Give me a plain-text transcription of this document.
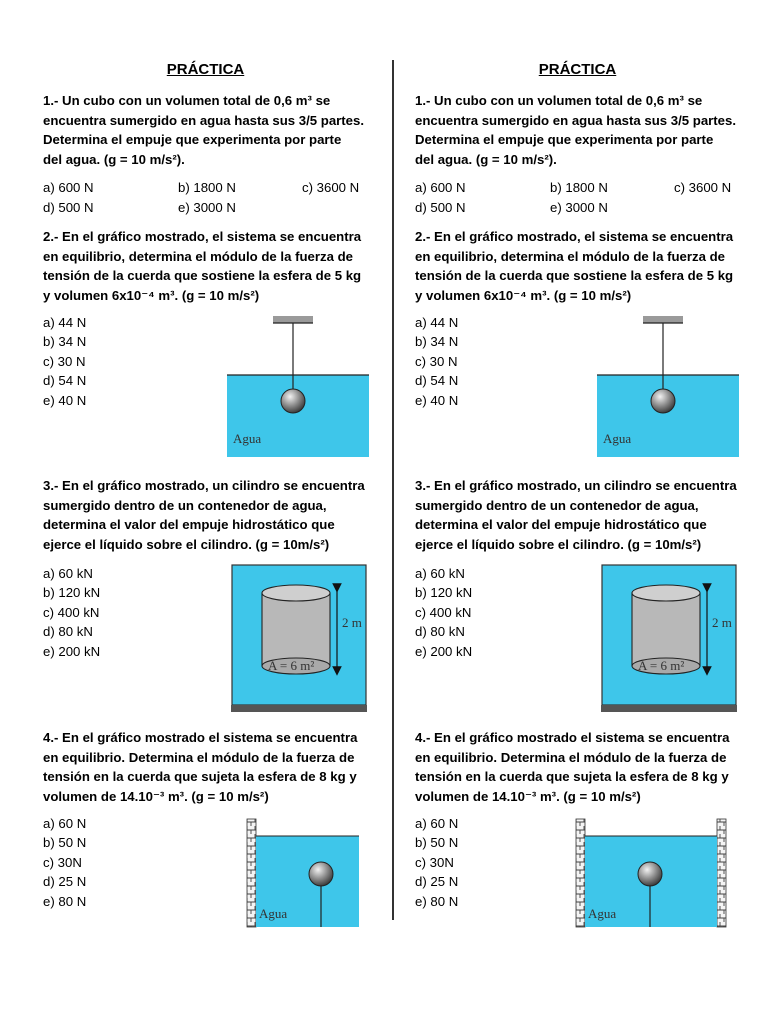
PRÁCTICA
1.- Un cubo con un volumen total de 0,6 m³ se
encuentra sumergido en agua hasta sus 3/5 partes.
Determina el empuje que experimenta por parte
del agua. (g = 10 m/s²).
a) 600 N	b) 1800 N	c) 3600 N
d) 500 N	e) 3000 N
2.- En el gráfico mostrado, el sistema se encuentra
en equilibrio, determina el módulo de la fuerza de
tensión de la cuerda que sostiene la esfera de 5 kg
y volumen 6x10⁻⁴ m³. (g = 10 m/s²)
a) 44 N
b) 34 N
c) 30 N
d) 54 N
e) 40 N
Agua
3.- En el gráfico mostrado, un cilindro se encuentra
sumergido dentro de un contenedor de agua,
determina el valor del empuje hidrostático que
ejerce el líquido sobre el cilindro. (g = 10m/s²)
a) 60 kN
b) 120 kN
c) 400 kN
d) 80 kN
e) 200 kN
2 m
A = 6 m²
4.- En el gráfico mostrado el sistema se encuentra
en equilibrio. Determina el módulo de la fuerza de
tensión en la cuerda que sujeta la esfera de 8 kg y
volumen de 14.10⁻³ m³. (g = 10 m/s²)
a) 60 N
b) 50 N
c) 30N
d) 25 N
e) 80 N
Agua
PRÁCTICA
1.- Un cubo con un volumen total de 0,6 m³ se
encuentra sumergido en agua hasta sus 3/5 partes.
Determina el empuje que experimenta por parte
del agua. (g = 10 m/s²).
a) 600 N	b) 1800 N	c) 3600 N
d) 500 N	e) 3000 N
2.- En el gráfico mostrado, el sistema se encuentra
en equilibrio, determina el módulo de la fuerza de
tensión de la cuerda que sostiene la esfera de 5 kg
y volumen 6x10⁻⁴ m³. (g = 10 m/s²)
a) 44 N
b) 34 N
c) 30 N
d) 54 N
e) 40 N
Agua
3.- En el gráfico mostrado, un cilindro se encuentra
sumergido dentro de un contenedor de agua,
determina el valor del empuje hidrostático que
ejerce el líquido sobre el cilindro. (g = 10m/s²)
a) 60 kN
b) 120 kN
c) 400 kN
d) 80 kN
e) 200 kN
2 m
A = 6 m²
4.- En el gráfico mostrado el sistema se encuentra
en equilibrio. Determina el módulo de la fuerza de
tensión en la cuerda que sujeta la esfera de 8 kg y
volumen de 14.10⁻³ m³. (g = 10 m/s²)
a) 60 N
b) 50 N
c) 30N
d) 25 N
e) 80 N
Agua
